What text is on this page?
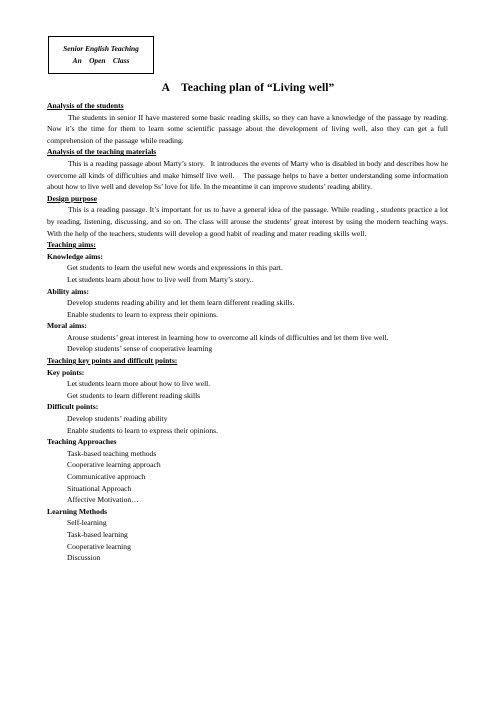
Senior English Teaching
An    Open    Class
A    Teaching plan of “Living well”

Analysis of the students

The students in senior II have mastered some basic reading skills, so they can have a knowledge of the passage by reading. Now it’s the time for them to learn some scientific passage about the development of living well, also they can get a full comprehension of the passage while reading.

Analysis of the teaching materials

This is a reading passage about Marty’s story.   It introduces the events of Marty who is disabled in body and describes how he overcome all kinds of difficulties and make himself live well.    The passage helps to have a better understanding some information about how to live well and develop Ss’ love for life. In the meantime it can improve students’ reading ability.

Design purpose

This is a reading passage. It’s important for us to have a general idea of the passage. While reading , students practice a lot by reading, listening, discussing, and so on. The class will arouse the students’ great interest by using the modern teaching ways. With the help of the teachers, students will develop a good habit of reading and mater reading skills well.

Teaching aims:

Knowledge aims:

Get students to learn the useful new words and expressions in this part.

Let students learn about how to live well from Marty’s story..

Ability aims:

Develop students reading ability and let them learn different reading skills.

Enable students to learn to express their opinions.

Moral aims:

Arouse students’ great interest in learning how to overcome all kinds of difficulties and let them live well.

Develop students’ sense of cooperative learning

Teaching key points and difficult points:

Key points:

Let students learn more about how to live well.

Get students to learn different reading skills

Difficult points:

Develop students’ reading ability

Enable students to learn to express their opinions.

Teaching Approaches

Task-based teaching methods

Cooperative learning approach

Communicative approach

Situational Approach

Affective Motivation…

Learning Methods

Self-learning

Task-based learning

Cooperative learning

Discussion
